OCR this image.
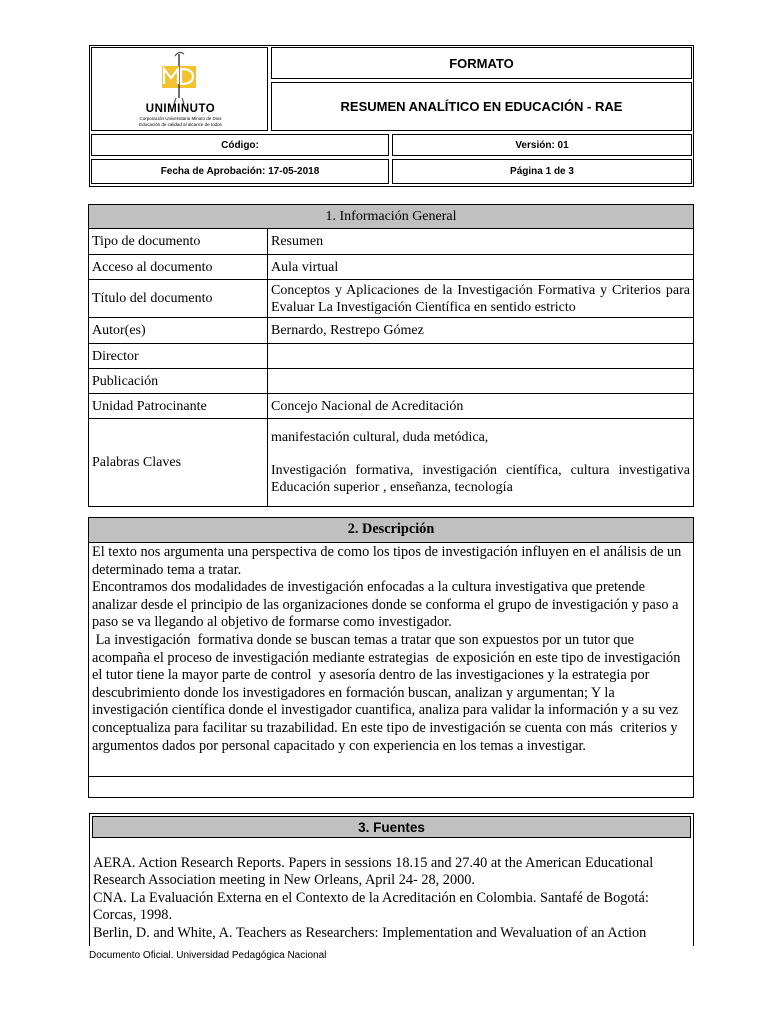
UNIMINUTO
Corporación Universitaria Minuto de Dios
Educación de calidad al alcance de todos
FORMATO
RESUMEN ANALÍTICO EN EDUCACIÓN - RAE
Código:	Versión: 01
Fecha de Aprobación: 17-05-2018	Página 1 de 3
1. Información General	
Tipo de documento	Resumen
Acceso al documento	Aula virtual
Título del documento	Conceptos y Aplicaciones de la Investigación Formativa y Criterios para Evaluar La Investigación Científica en sentido estricto
Autor(es)	Bernardo, Restrepo Gómez
Director	
Publicación	
Unidad Patrocinante	Concejo Nacional de Acreditación
Palabras Claves	manifestación cultural, duda metódica,
Investigación formativa, investigación científica, cultura investigativa Educación superior , enseñanza, tecnología
2. Descripción

El texto nos argumenta una perspectiva de como los tipos de investigación influyen en el análisis de un determinado tema a tratar.
Encontramos dos modalidades de investigación enfocadas a la cultura investigativa que pretende analizar desde el principio de las organizaciones donde se conforma el grupo de investigación y paso a paso se va llegando al objetivo de formarse como investigador.
La investigación  formativa donde se buscan temas a tratar que son expuestos por un tutor que acompaña el proceso de investigación mediante estrategias  de exposición en este tipo de investigación el tutor tiene la mayor parte de control  y asesoría dentro de las investigaciones y la estrategia por descubrimiento donde los investigadores en formación buscan, analizan y argumentan; Y la investigación científica donde el investigador cuantifica, analiza para validar la información y a su vez conceptualiza para facilitar su trazabilidad. En este tipo de investigación se cuenta con más  criterios y argumentos dados por personal capacitado y con experiencia en los temas a investigar.

3. Fuentes
AERA. Action Research Reports. Papers in sessions 18.15 and 27.40 at the American Educational Research Association meeting in New Orleans, April 24- 28, 2000.
CNA. La Evaluación Externa en el Contexto de la Acreditación en Colombia. Santafé de Bogotá: Corcas, 1998.
Berlin, D. and White, A. Teachers as Researchers: Implementation and Wevaluation of an Action
Documento Oficial. Universidad Pedagógica Nacional
